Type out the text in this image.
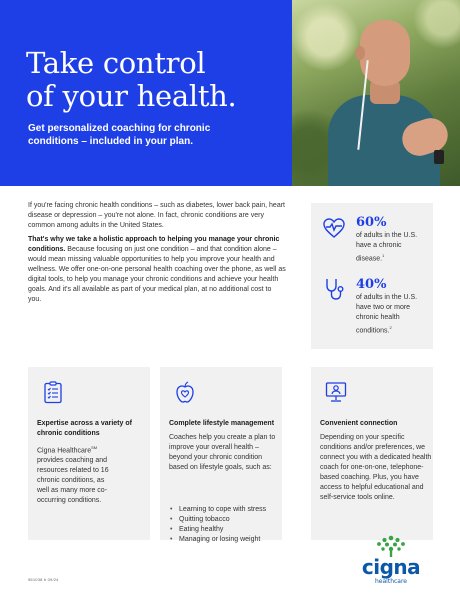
Take control
of your health.
Get personalized coaching for chronic conditions – included in your plan.

If you're facing chronic health conditions – such as diabetes, lower back pain, heart disease or depression – you're not alone. In fact, chronic conditions are very common among adults in the United States.

That's why we take a holistic approach to helping you manage your chronic conditions. Because focusing on just one condition – and that condition alone – would mean missing valuable opportunities to help you improve your health and wellness. We offer one-on-one personal health coaching over the phone, as well as digital tools, to help you manage your chronic conditions and achieve your health goals. And it's all available as part of your medical plan, at no additional cost to you.

60%
of adults in the U.S. have a chronic disease.$^1$
40%
of adults in the U.S. have two or more chronic health conditions.$^2$
Expertise across a variety of chronic conditions
Cigna Healthcare℠ provides coaching and resources related to 16 chronic conditions, as well as many more co-occurring conditions.
Complete lifestyle management
Coaches help you create a plan to improve your overall health – beyond your chronic condition based on lifestyle goals, such as:
• Learning to cope with stress
• Quitting tobacco
• Eating healthy
• Managing or losing weight
Convenient connection
Depending on your specific conditions and/or preferences, we connect you with a dedicated health coach for one-on-one, telephone-based coaching. Plus, you have access to helpful educational and self-service tools online.
961038 b 09/24
cigna
healthcare
